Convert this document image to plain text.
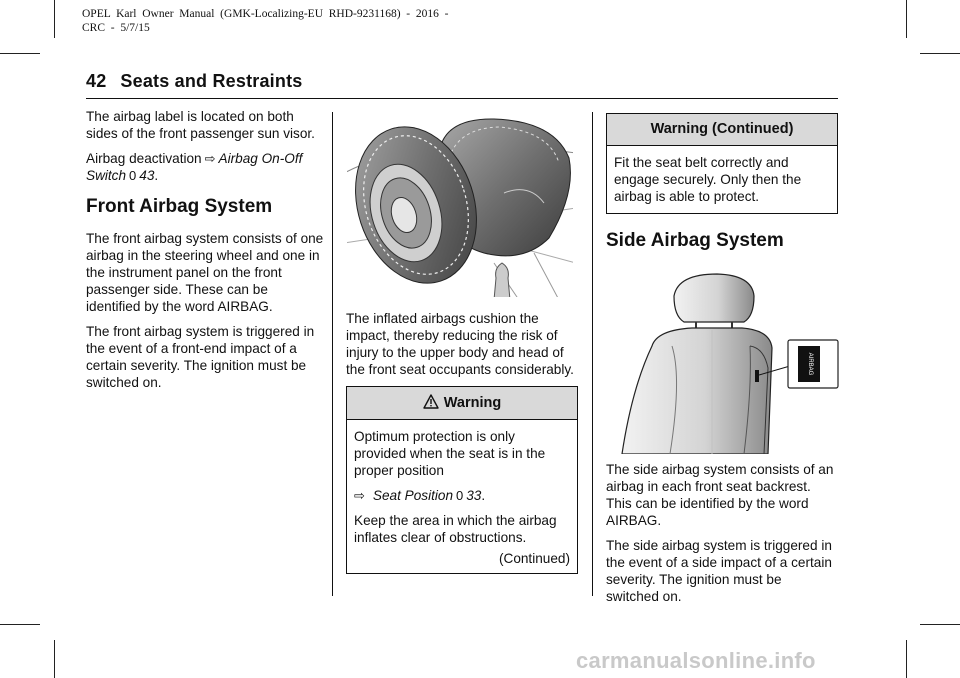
OPEL  Karl  Owner  Manual  (GMK-Localizing-EU  RHD-9231168)  -  2016  -
CRC  -  5/7/15
42 Seats and Restraints

The airbag label is located on both sides of the front passenger sun visor.

Airbag deactivation ⇨ Airbag On-Off Switch 0 43.

Front Airbag System

The front airbag system consists of one airbag in the steering wheel and one in the instrument panel on the front passenger side. These can be identified by the word AIRBAG.

The front airbag system is triggered in the event of a front-end impact of a certain severity. The ignition must be switched on.

The inflated airbags cushion the impact, thereby reducing the risk of injury to the upper body and head of the front seat occupants considerably.

Warning

Optimum protection is only provided when the seat is in the proper position

⇨ Seat Position 0 33.

Keep the area in which the airbag inflates clear of obstructions.

(Continued)
Warning (Continued)

Fit the seat belt correctly and engage securely. Only then the airbag is able to protect.

Side Airbag System
AIRBAG

The side airbag system consists of an airbag in each front seat backrest. This can be identified by the word AIRBAG.

The side airbag system is triggered in the event of a side impact of a certain severity. The ignition must be switched on.

carmanualsonline.info
